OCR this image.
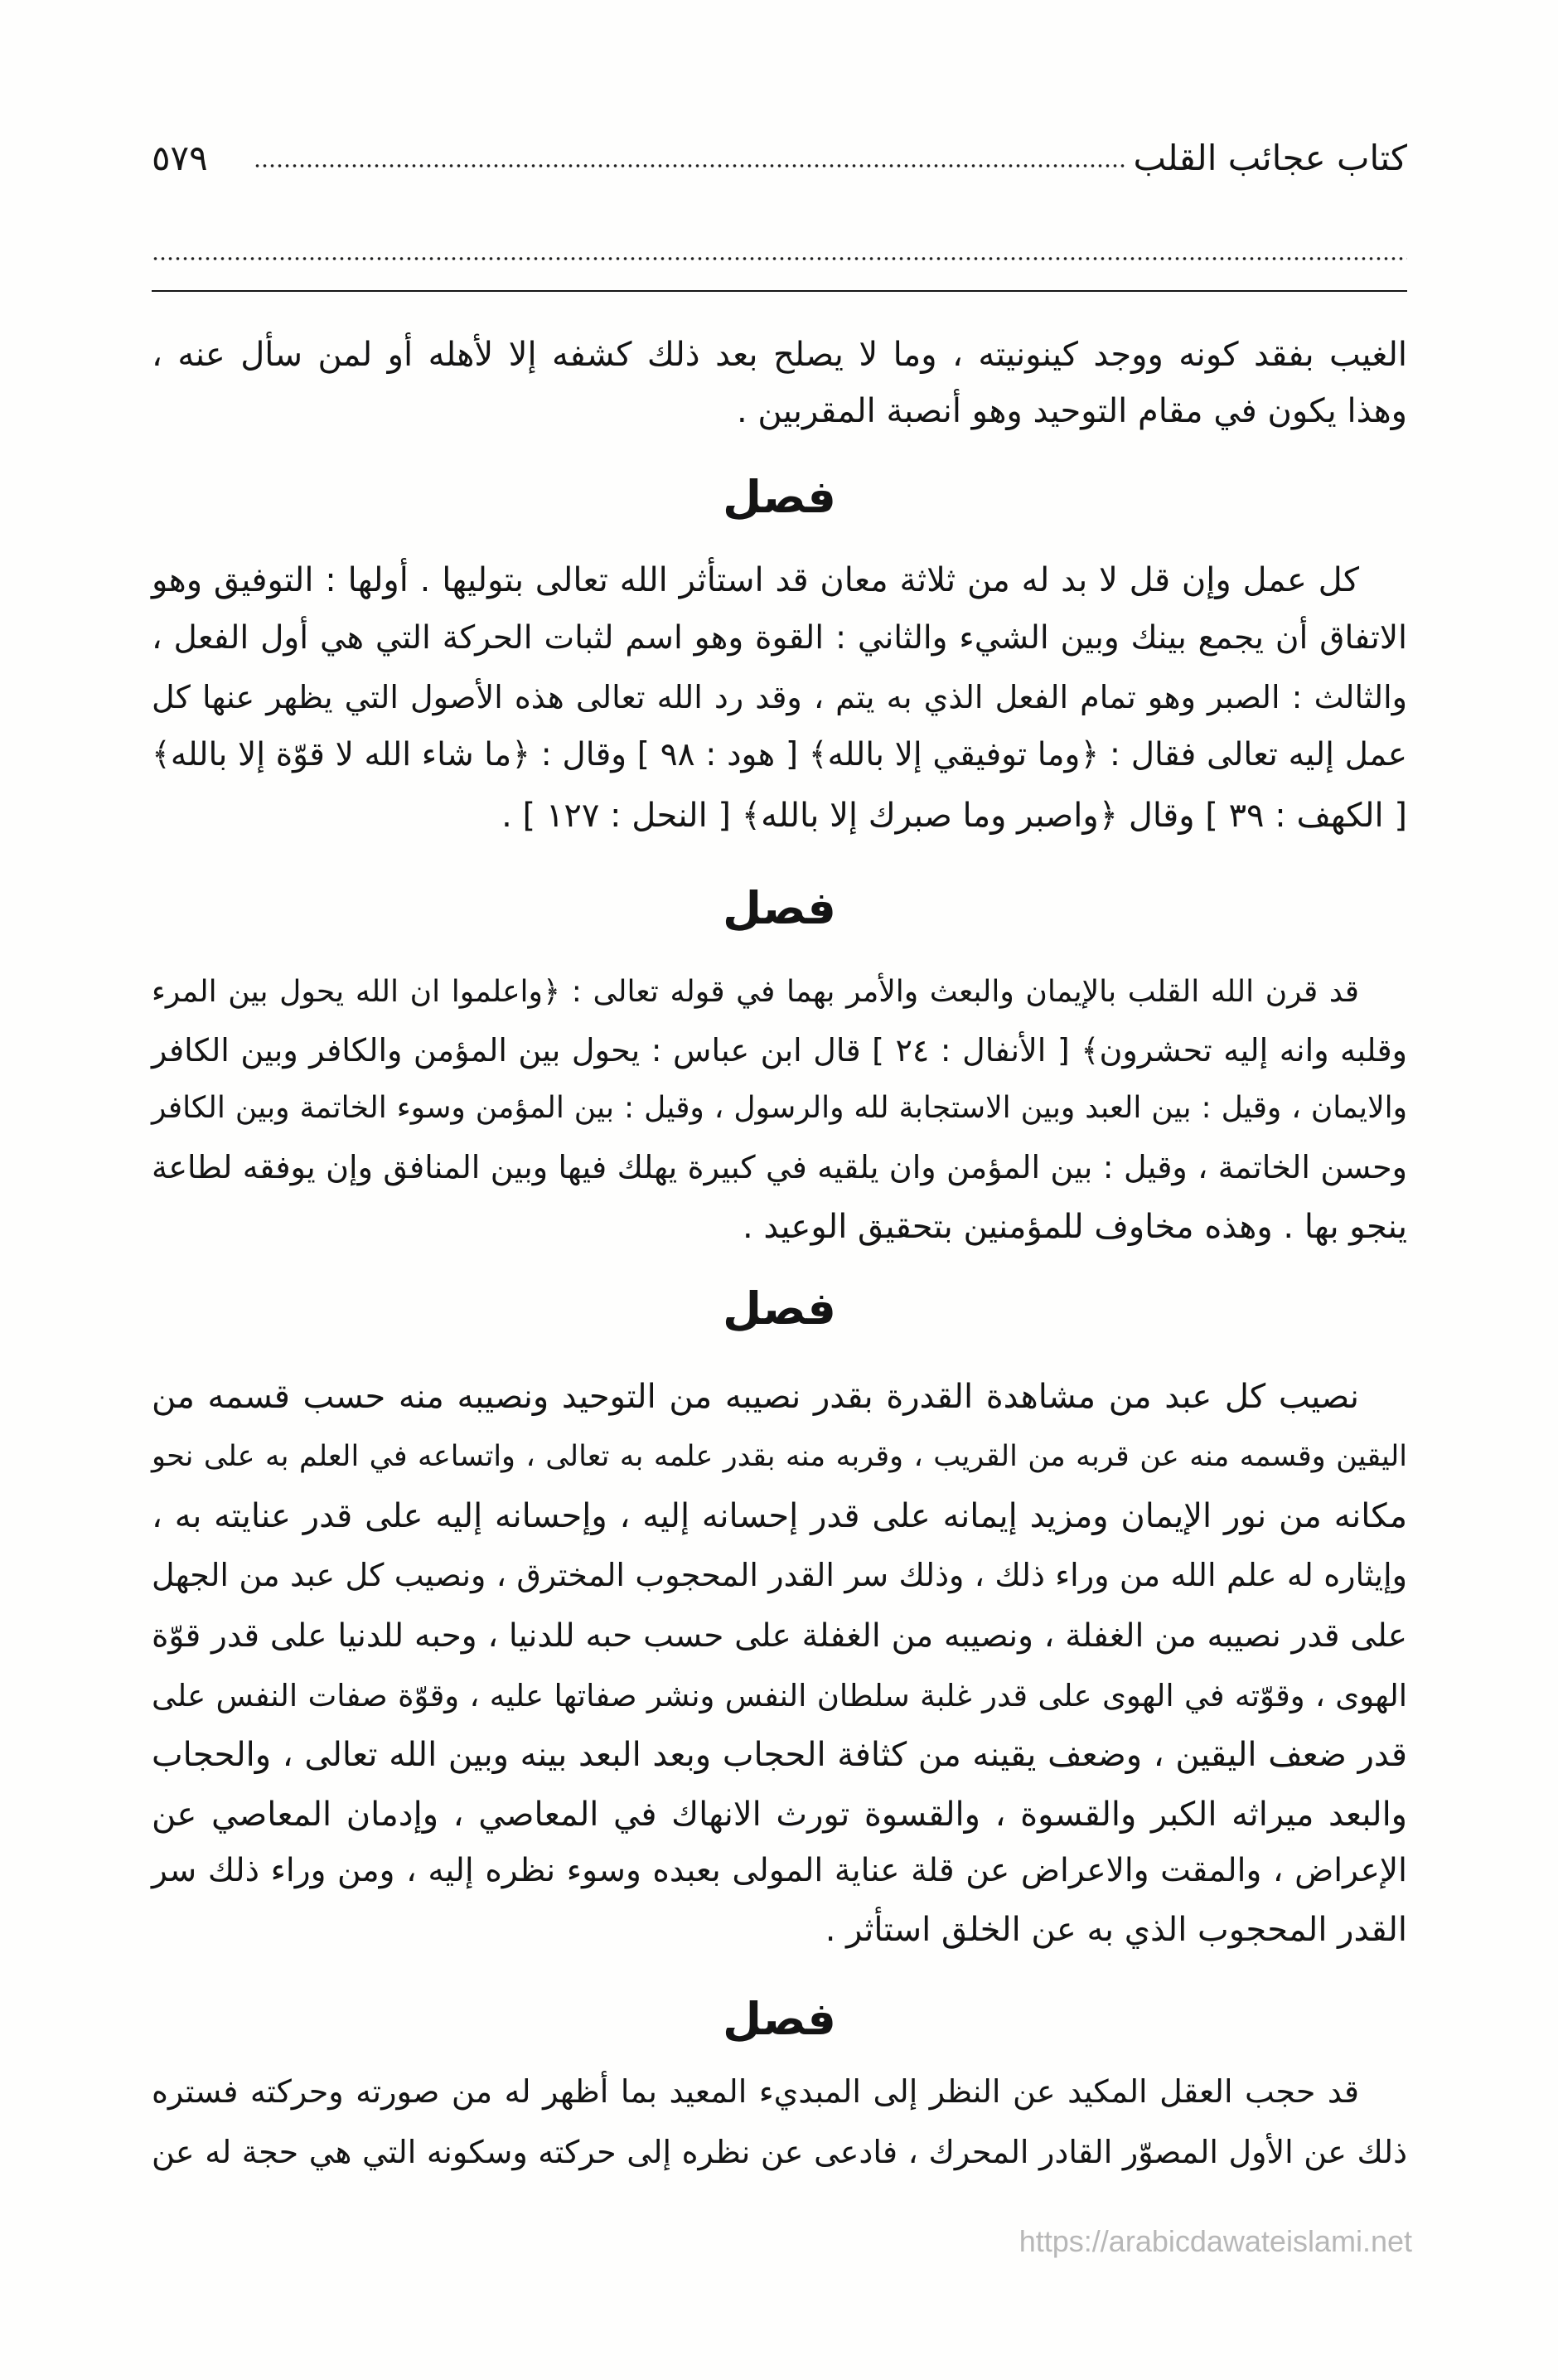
كتاب عجائب القلب
٥٧٩
الغيب بفقد كونه ووجد كينونيته ، وما لا يصلح بعد ذلك كشفه إلا لأهله أو لمن سأل عنه ،
وهذا يكون في مقام التوحيد وهو أنصبة المقربين .
فصل
كل عمل وإن قل لا بد له من ثلاثة معان قد استأثر الله تعالى بتوليها . أولها : التوفيق وهو
الاتفاق أن يجمع بينك وبين الشيء والثاني : القوة وهو اسم لثبات الحركة التي هي أول الفعل ،
والثالث : الصبر وهو تمام الفعل الذي به يتم ، وقد رد الله تعالى هذه الأصول التي يظهر عنها كل
عمل إليه تعالى فقال : ﴿وما توفيقي إلا بالله﴾ [ هود : ٩٨ ] وقال : ﴿ما شاء الله لا قوّة إلا بالله﴾
[ الكهف : ٣٩ ] وقال ﴿واصبر وما صبرك إلا بالله﴾ [ النحل : ١٢٧ ] .
فصل
قد قرن الله القلب بالإيمان والبعث والأمر بهما في قوله تعالى : ﴿واعلموا ان الله يحول بين المرء
وقلبه وانه إليه تحشرون﴾ [ الأنفال : ٢٤ ] قال ابن عباس : يحول بين المؤمن والكافر وبين الكافر
والايمان ، وقيل : بين العبد وبين الاستجابة لله والرسول ، وقيل : بين المؤمن وسوء الخاتمة وبين الكافر
وحسن الخاتمة ، وقيل : بين المؤمن وان يلقيه في كبيرة يهلك فيها وبين المنافق وإن يوفقه لطاعة
ينجو بها . وهذه مخاوف للمؤمنين بتحقيق الوعيد .
فصل
نصيب كل عبد من مشاهدة القدرة بقدر نصيبه من التوحيد ونصيبه منه حسب قسمه من
اليقين وقسمه منه عن قربه من القريب ، وقربه منه بقدر علمه به تعالى ، واتساعه في العلم به على نحو
مكانه من نور الإيمان ومزيد إيمانه على قدر إحسانه إليه ، وإحسانه إليه على قدر عنايته به ،
وإيثاره له علم الله من وراء ذلك ، وذلك سر القدر المحجوب المخترق ، ونصيب كل عبد من الجهل
على قدر نصيبه من الغفلة ، ونصيبه من الغفلة على حسب حبه للدنيا ، وحبه للدنيا على قدر قوّة
الهوى ، وقوّته في الهوى على قدر غلبة سلطان النفس ونشر صفاتها عليه ، وقوّة صفات النفس على
قدر ضعف اليقين ، وضعف يقينه من كثافة الحجاب وبعد البعد بينه وبين الله تعالى ، والحجاب
والبعد ميراثه الكبر والقسوة ، والقسوة تورث الانهاك في المعاصي ، وإدمان المعاصي عن
الإعراض ، والمقت والاعراض عن قلة عناية المولى بعبده وسوء نظره إليه ، ومن وراء ذلك سر
القدر المحجوب الذي به عن الخلق استأثر .
فصل
قد حجب العقل المكيد عن النظر إلى المبديء المعيد بما أظهر له من صورته وحركته فستره
ذلك عن الأول المصوّر القادر المحرك ، فادعى عن نظره إلى حركته وسكونه التي هي حجة له عن
https://arabicdawateislami.net
